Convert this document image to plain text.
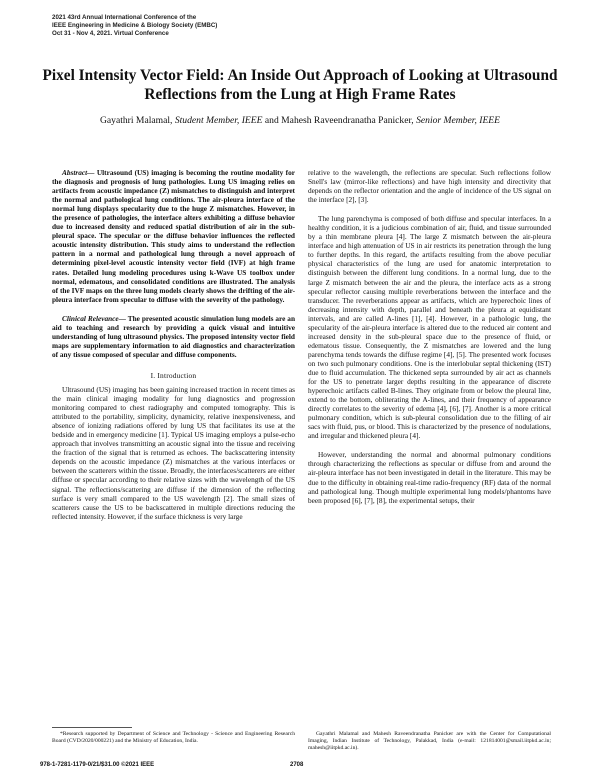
2021 43rd Annual International Conference of the
IEEE Engineering in Medicine & Biology Society (EMBC)
Oct 31 - Nov 4, 2021. Virtual Conference
Pixel Intensity Vector Field: An Inside Out Approach of Looking at Ultrasound Reflections from the Lung at High Frame Rates
Gayathri Malamal, Student Member, IEEE and Mahesh Raveendranatha Panicker, Senior Member, IEEE

Abstract— Ultrasound (US) imaging is becoming the routine modality for the diagnosis and prognosis of lung pathologies. Lung US imaging relies on artifacts from acoustic impedance (Z) mismatches to distinguish and interpret the normal and pathological lung conditions. The air-pleura interface of the normal lung displays specularity due to the huge Z mismatches. However, in the presence of pathologies, the interface alters exhibiting a diffuse behavior due to increased density and reduced spatial distribution of air in the sub-pleural space. The specular or the diffuse behavior influences the reflected acoustic intensity distribution. This study aims to understand the reflection pattern in a normal and pathological lung through a novel approach of determining pixel-level acoustic intensity vector field (IVF) at high frame rates. Detailed lung modeling procedures using k-Wave US toolbox under normal, edematous, and consolidated conditions are illustrated. The analysis of the IVF maps on the three lung models clearly shows the drifting of the air-pleura interface from specular to diffuse with the severity of the pathology.

Clinical Relevance— The presented acoustic simulation lung models are an aid to teaching and research by providing a quick visual and intuitive understanding of lung ultrasound physics. The proposed intensity vector field maps are supplementary information to aid diagnostics and characterization of any tissue composed of specular and diffuse components.

I. Introduction

Ultrasound (US) imaging has been gaining increased traction in recent times as the main clinical imaging modality for lung diagnostics and progression monitoring compared to chest radiography and computed tomography. This is attributed to the portability, simplicity, dynamicity, relative inexpensiveness, and absence of ionizing radiations offered by lung US that facilitates its use at the bedside and in emergency medicine [1]. Typical US imaging employs a pulse-echo approach that involves transmitting an acoustic signal into the tissue and receiving the fraction of the signal that is returned as echoes. The backscattering intensity depends on the acoustic impedance (Z) mismatches at the various interfaces or between the scatterers within the tissue. Broadly, the interfaces/scatterers are either diffuse or specular according to their relative sizes with the wavelength of the US signal. The reflections/scattering are diffuse if the dimension of the reflecting surface is very small compared to the US wavelength [2]. The small sizes of scatterers cause the US to be backscattered in multiple directions reducing the reflected intensity. However, if the surface thickness is very large

relative to the wavelength, the reflections are specular. Such reflections follow Snell's law (mirror-like reflections) and have high intensity and directivity that depends on the reflector orientation and the angle of incidence of the US signal on the interface [2], [3].

The lung parenchyma is composed of both diffuse and specular interfaces. In a healthy condition, it is a judicious combination of air, fluid, and tissue surrounded by a thin membrane pleura [4]. The large Z mismatch between the air-pleura interface and high attenuation of US in air restricts its penetration through the lung to further depths. In this regard, the artifacts resulting from the above peculiar physical characteristics of the lung are used for anatomic interpretation to distinguish between the different lung conditions. In a normal lung, due to the large Z mismatch between the air and the pleura, the interface acts as a strong specular reflector causing multiple reverberations between the interface and the transducer. The reverberations appear as artifacts, which are hyperechoic lines of decreasing intensity with depth, parallel and beneath the pleura at equidistant intervals, and are called A-lines [1], [4]. However, in a pathologic lung, the specularity of the air-pleura interface is altered due to the reduced air content and increased density in the sub-pleural space due to the presence of fluid, or edematous tissue. Consequently, the Z mismatches are lowered and the lung parenchyma tends towards the diffuse regime [4], [5]. The presented work focuses on two such pulmonary conditions. One is the interlobular septal thickening (IST) due to fluid accumulation. The thickened septa surrounded by air act as channels for the US to penetrate larger depths resulting in the appearance of discrete hyperechoic artifacts called B-lines. They originate from or below the pleural line, extend to the bottom, obliterating the A-lines, and their frequency of appearance directly correlates to the severity of edema [4], [6], [7]. Another is a more critical pulmonary condition, which is sub-pleural consolidation due to the filling of air sacs with fluid, pus, or blood. This is characterized by the presence of nodulations, and irregular and thickened pleura [4].

However, understanding the normal and abnormal pulmonary conditions through characterizing the reflections as specular or diffuse from and around the air-pleura interface has not been investigated in detail in the literature. This may be due to the difficulty in obtaining real-time radio-frequency (RF) data of the normal and pathological lung. Though multiple experimental lung models/phantoms have been proposed [6], [7], [8], the experimental setups, their

*Research supported by Department of Science and Technology - Science and Engineering Research Board (CVD/2020/000221) and the Ministry of Education, India.
Gayathri Malamal and Mahesh Raveendranatha Panicker are with the Center for Computational Imaging, Indian Institute of Technology, Palakkad, India (e-mail: 121814001@smail.iitpkd.ac.in; mahesh@iitpkd.ac.in).
978-1-7281-1179-0/21/$31.00 ©2021 IEEE	2708
